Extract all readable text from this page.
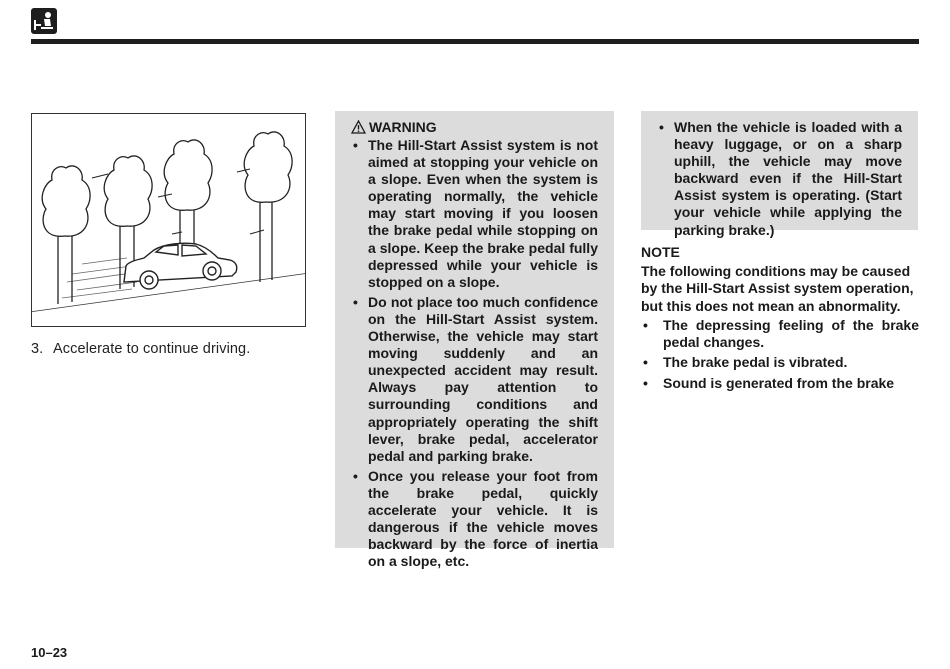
3. Accelerate to continue driving.
WARNING
• The Hill-Start Assist system is not aimed at stopping your vehicle on a slope. Even when the system is operating normally, the vehicle may start moving if you loosen the brake pedal while stopping on a slope. Keep the brake pedal fully depressed while your vehicle is stopped on a slope.
• Do not place too much confidence on the Hill-Start Assist system. Otherwise, the vehicle may start moving suddenly and an unexpected accident may result. Always pay attention to surrounding conditions and appropriately operating the shift lever, brake pedal, accelerator pedal and parking brake.
• Once you release your foot from the brake pedal, quickly accelerate your vehicle. It is dangerous if the vehicle moves backward by the force of inertia on a slope, etc.
• When the vehicle is loaded with a heavy luggage, or on a sharp uphill, the vehicle may move backward even if the Hill-Start Assist system is operating. (Start your vehicle while applying the parking brake.)
NOTE
The following conditions may be caused by the Hill-Start Assist system operation, but this does not mean an abnormality.
• The depressing feeling of the brake pedal changes.
• The brake pedal is vibrated.
• Sound is generated from the brake
10–23
